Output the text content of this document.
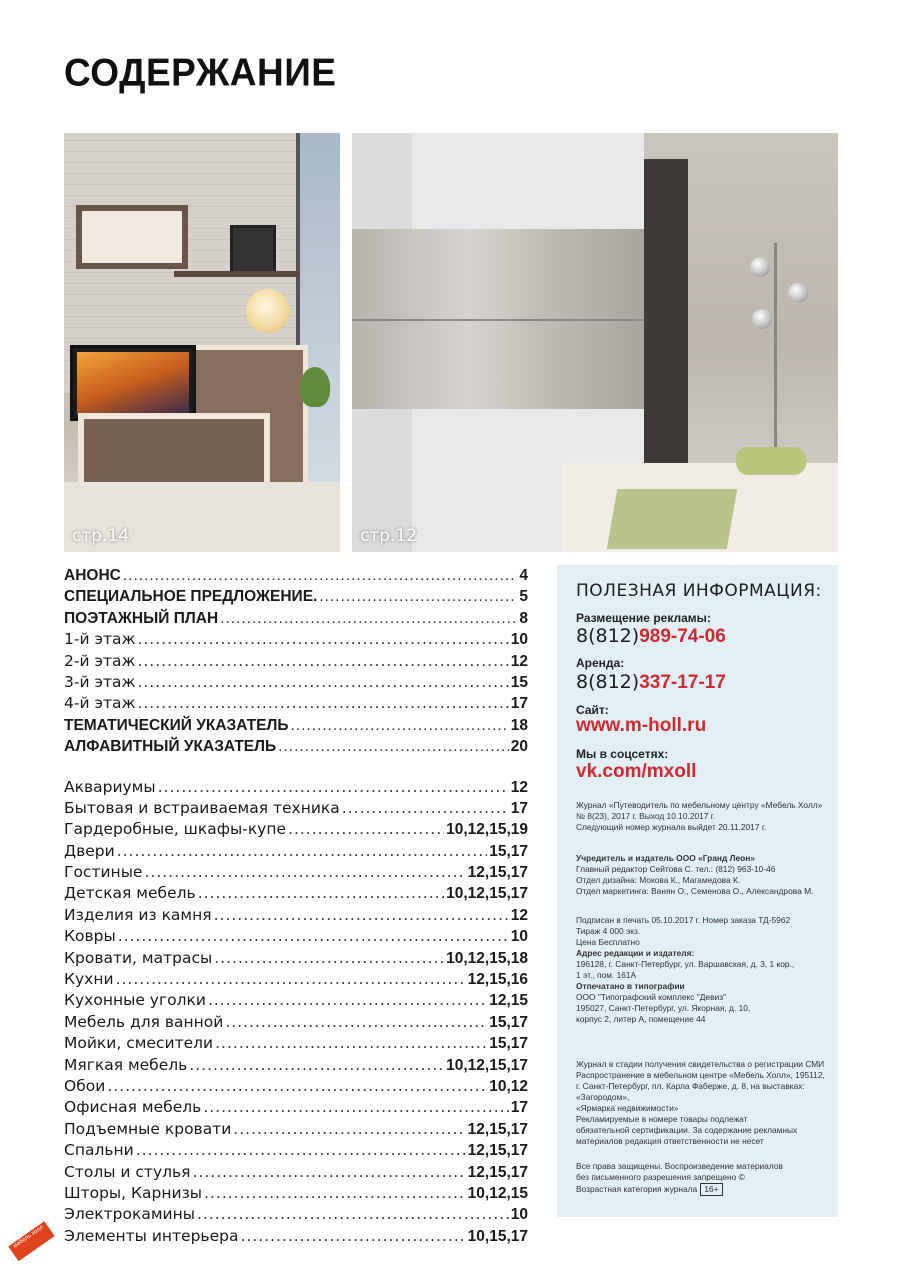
СОДЕРЖАНИЕ
стр.14	стр.12
АНОНС .....	4
СПЕЦИАЛЬНОЕ ПРЕДЛОЖЕНИЕ. .....	5
ПОЭТАЖНЫЙ ПЛАН .....	8
1-й этаж .....	10
2-й этаж .....	12
3-й этаж .....	15
4-й этаж .....	17
ТЕМАТИЧЕСКИЙ УКАЗАТЕЛЬ .....	18
АЛФАВИТНЫЙ УКАЗАТЕЛЬ .....	20
Аквариумы .....	12
Бытовая и встраиваемая техника .....	17
Гардеробные, шкафы-купе .....	10,12,15,19
Двери .....	15,17
Гостиные .....	12,15,17
Детская мебель .....	10,12,15,17
Изделия из камня .....	12
Ковры .....	10
Кровати, матрасы .....	10,12,15,18
Кухни .....	12,15,16
Кухонные уголки .....	12,15
Мебель для ванной .....	15,17
Мойки, смесители .....	15,17
Мягкая мебель .....	10,12,15,17
Обои .....	10,12
Офисная мебель .....	17
Подъемные кровати .....	12,15,17
Спальни .....	12,15,17
Столы и стулья .....	12,15,17
Шторы, Карнизы .....	10,12,15
Электрокамины .....	10
Элементы интерьера .....	10,15,17
ПОЛЕЗНАЯ ИНФОРМАЦИЯ:
Размещение рекламы:
8(812)989-74-06
Аренда:
8(812)337-17-17
Сайт:
www.m-holl.ru
Мы в соцсетях:
vk.com/mxoll

Журнал «Путеводитель по мебельному центру «Мебель Холл»

№ 8(23), 2017 г. Выход 10.10.2017 г.

Следующий номер журнала выйдет 20.11.2017 г.

Учредитель и издатель ООО «Гранд Леон»

Главный редактор Сейтова С. тел.: (812) 963-10-46

Отдел дизайна: Мокова К., Магамедова К.

Отдел маркетинга: Ванян О., Семенова О., Александрова М.

Подписан в печать 05.10.2017 г. Номер заказа ТД-5962

Тираж 4 000 экз.

Цена Бесплатно

Адрес редакции и издателя:

196128, г. Санкт-Петербург, ул. Варшавская, д. 3, 1 кор.,

1 эт., пом. 161А

Отпечатано в типографии

ООО "Типографский комплекс "Девиз"

195027, Санкт-Петербург, ул. Якорная, д. 10,

корпус 2, литер А, помещение 44

Журнал в стадии получения свидетельства о регистрации СМИ

Распространение в мебельном центре «Мебель Холл», 195112,

г. Санкт-Петербург, пл. Карла Фаберже, д. 8, на выставках: «Загородом»,

«Ярмарка недвижимости»

Рекламируемые в номере товары подлежат

обязательной сертификации. За содержание рекламных

материалов редакция ответственности не несет

Все права защищены. Воспроизведение материалов

без письменного разрешения запрещено ©

Возрастная категория журнала 16+

мебель холл
